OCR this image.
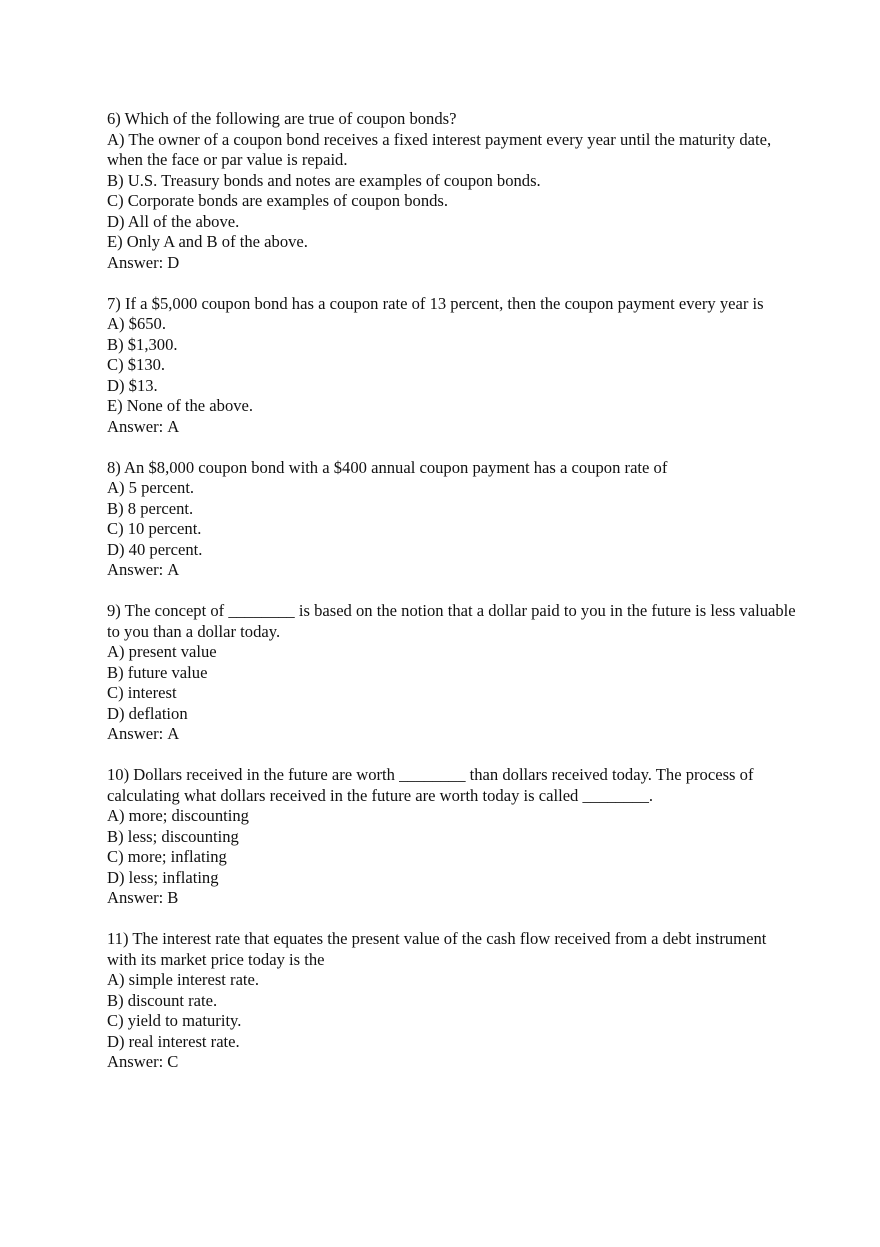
6) Which of the following are true of coupon bonds?
A) The owner of a coupon bond receives a fixed interest payment every year until the maturity date, when the face or par value is repaid.
B) U.S. Treasury bonds and notes are examples of coupon bonds.
C) Corporate bonds are examples of coupon bonds.
D) All of the above.
E) Only A and B of the above.
Answer: D
7) If a $5,000 coupon bond has a coupon rate of 13 percent, then the coupon payment every year is
A) $650.
B) $1,300.
C) $130.
D) $13.
E) None of the above.
Answer: A
8) An $8,000 coupon bond with a $400 annual coupon payment has a coupon rate of
A) 5 percent.
B) 8 percent.
C) 10 percent.
D) 40 percent.
Answer: A
9) The concept of ________ is based on the notion that a dollar paid to you in the future is less valuable to you than a dollar today.
A) present value
B) future value
C) interest
D) deflation
Answer: A
10) Dollars received in the future are worth ________ than dollars received today. The process of calculating what dollars received in the future are worth today is called ________.
A) more; discounting
B) less; discounting
C) more; inflating
D) less; inflating
Answer: B
11) The interest rate that equates the present value of the cash flow received from a debt instrument with its market price today is the
A) simple interest rate.
B) discount rate.
C) yield to maturity.
D) real interest rate.
Answer: C
